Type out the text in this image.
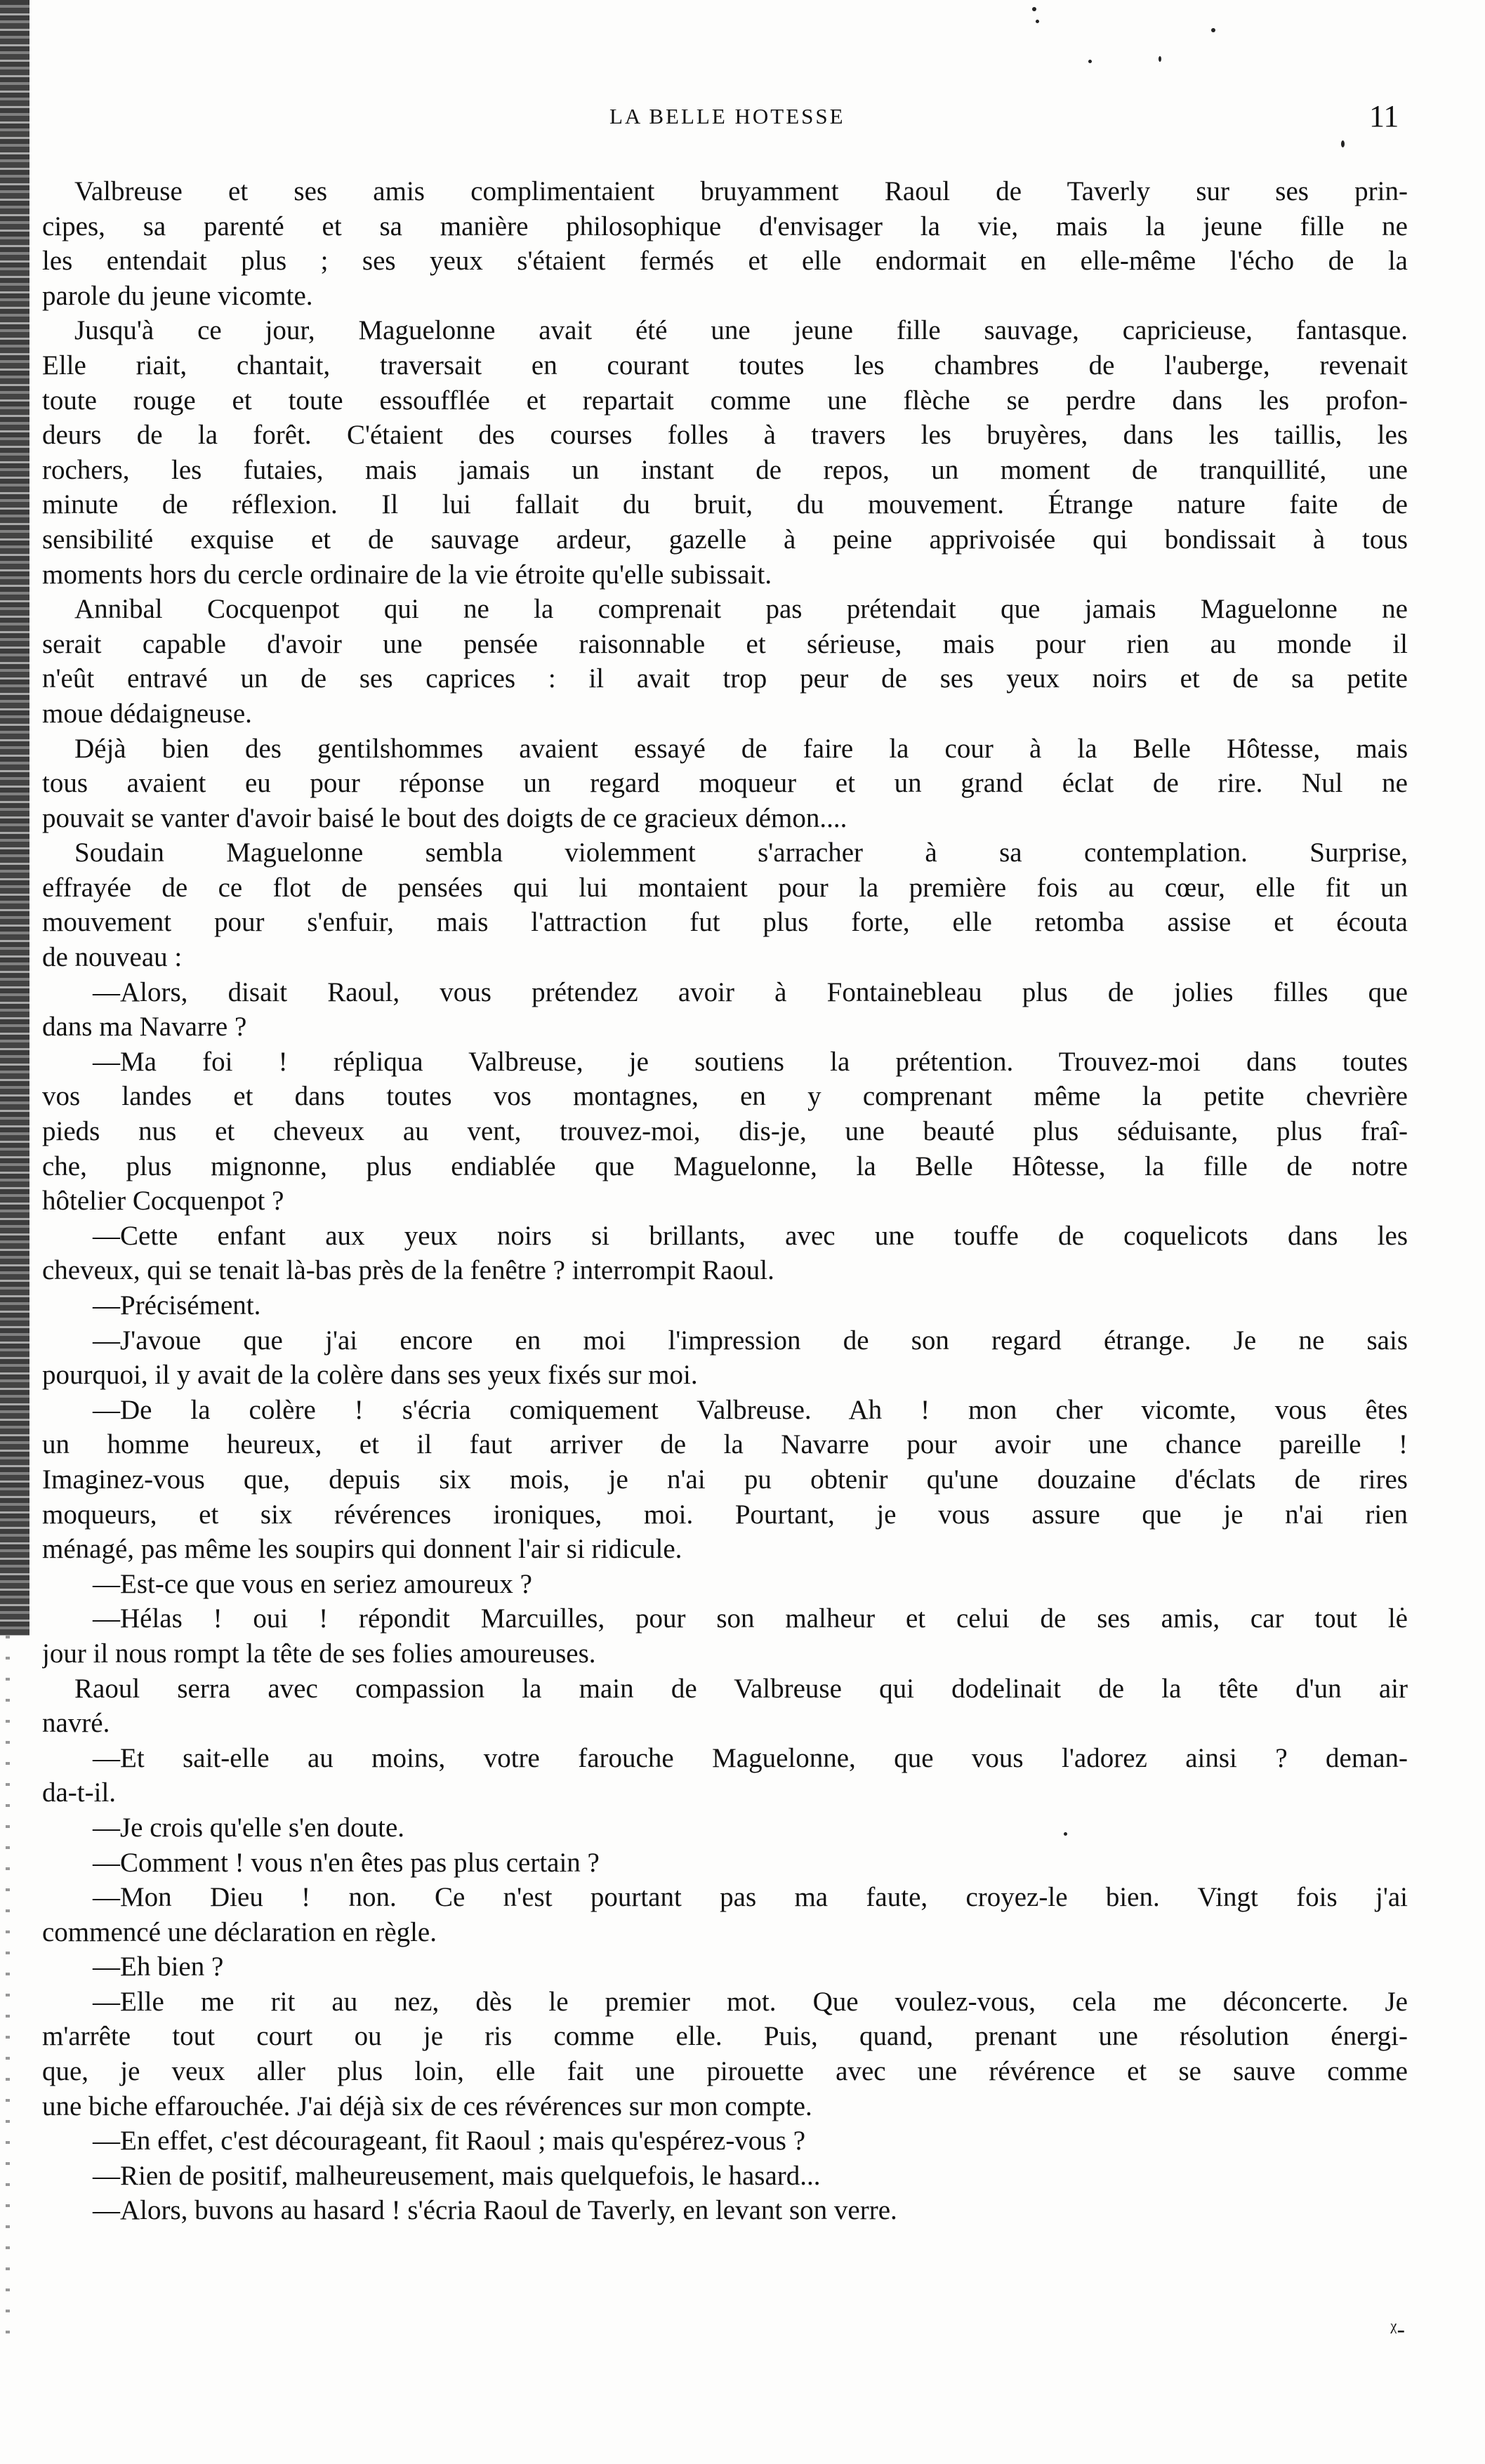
LA BELLE HOTESSE	11
Valbreuse et ses amis complimentaient bruyamment Raoul de Taverly sur ses prin-
cipes, sa parenté et sa manière philosophique d'envisager la vie, mais la jeune fille ne
les entendait plus ; ses yeux s'étaient fermés et elle endormait en elle-même l'écho de la
parole du jeune vicomte.
Jusqu'à ce jour, Maguelonne avait été une jeune fille sauvage, capricieuse, fantasque.
Elle riait, chantait, traversait en courant toutes les chambres de l'auberge, revenait
toute rouge et toute essoufflée et repartait comme une flèche se perdre dans les profon-
deurs de la forêt. C'étaient des courses folles à travers les bruyères, dans les taillis, les
rochers, les futaies, mais jamais un instant de repos, un moment de tranquillité, une
minute de réflexion. Il lui fallait du bruit, du mouvement. Étrange nature faite de
sensibilité exquise et de sauvage ardeur, gazelle à peine apprivoisée qui bondissait à tous
moments hors du cercle ordinaire de la vie étroite qu'elle subissait.
Annibal Cocquenpot qui ne la comprenait pas prétendait que jamais Maguelonne ne
serait capable d'avoir une pensée raisonnable et sérieuse, mais pour rien au monde il
n'eût entravé un de ses caprices : il avait trop peur de ses yeux noirs et de sa petite
moue dédaigneuse.
Déjà bien des gentilshommes avaient essayé de faire la cour à la Belle Hôtesse, mais
tous avaient eu pour réponse un regard moqueur et un grand éclat de rire. Nul ne
pouvait se vanter d'avoir baisé le bout des doigts de ce gracieux démon....
Soudain Maguelonne sembla violemment s'arracher à sa contemplation. Surprise,
effrayée de ce flot de pensées qui lui montaient pour la première fois au cœur, elle fit un
mouvement pour s'enfuir, mais l'attraction fut plus forte, elle retomba assise et écouta
de nouveau :
—Alors, disait Raoul, vous prétendez avoir à Fontainebleau plus de jolies filles que
dans ma Navarre ?
—Ma foi ! répliqua Valbreuse, je soutiens la prétention. Trouvez-moi dans toutes
vos landes et dans toutes vos montagnes, en y comprenant même la petite chevrière
pieds nus et cheveux au vent, trouvez-moi, dis-je, une beauté plus séduisante, plus fraî-
che, plus mignonne, plus endiablée que Maguelonne, la Belle Hôtesse, la fille de notre
hôtelier Cocquenpot ?
—Cette enfant aux yeux noirs si brillants, avec une touffe de coquelicots dans les
cheveux, qui se tenait là-bas près de la fenêtre ? interrompit Raoul.
—Précisément.
—J'avoue que j'ai encore en moi l'impression de son regard étrange. Je ne sais
pourquoi, il y avait de la colère dans ses yeux fixés sur moi.
—De la colère ! s'écria comiquement Valbreuse. Ah ! mon cher vicomte, vous êtes
un homme heureux, et il faut arriver de la Navarre pour avoir une chance pareille !
Imaginez-vous que, depuis six mois, je n'ai pu obtenir qu'une douzaine d'éclats de rires
moqueurs, et six révérences ironiques, moi. Pourtant, je vous assure que je n'ai rien
ménagé, pas même les soupirs qui donnent l'air si ridicule.
—Est-ce que vous en seriez amoureux ?
—Hélas ! oui ! répondit Marcuilles, pour son malheur et celui de ses amis, car tout le
jour il nous rompt la tête de ses folies amoureuses.
Raoul serra avec compassion la main de Valbreuse qui dodelinait de la tête d'un air
navré.
—Et sait-elle au moins, votre farouche Maguelonne, que vous l'adorez ainsi ? deman-
da-t-il.
—Je crois qu'elle s'en doute.
—Comment ! vous n'en êtes pas plus certain ?
—Mon Dieu ! non. Ce n'est pourtant pas ma faute, croyez-le bien. Vingt fois j'ai
commencé une déclaration en règle.
—Eh bien ?
—Elle me rit au nez, dès le premier mot. Que voulez-vous, cela me déconcerte. Je
m'arrête tout court ou je ris comme elle. Puis, quand, prenant une résolution énergi-
que, je veux aller plus loin, elle fait une pirouette avec une révérence et se sauve comme
une biche effarouchée. J'ai déjà six de ces révérences sur mon compte.
—En effet, c'est décourageant, fit Raoul ; mais qu'espérez-vous ?
—Rien de positif, malheureusement, mais quelquefois, le hasard...
—Alors, buvons au hasard ! s'écria Raoul de Taverly, en levant son verre.
ᵡ-
